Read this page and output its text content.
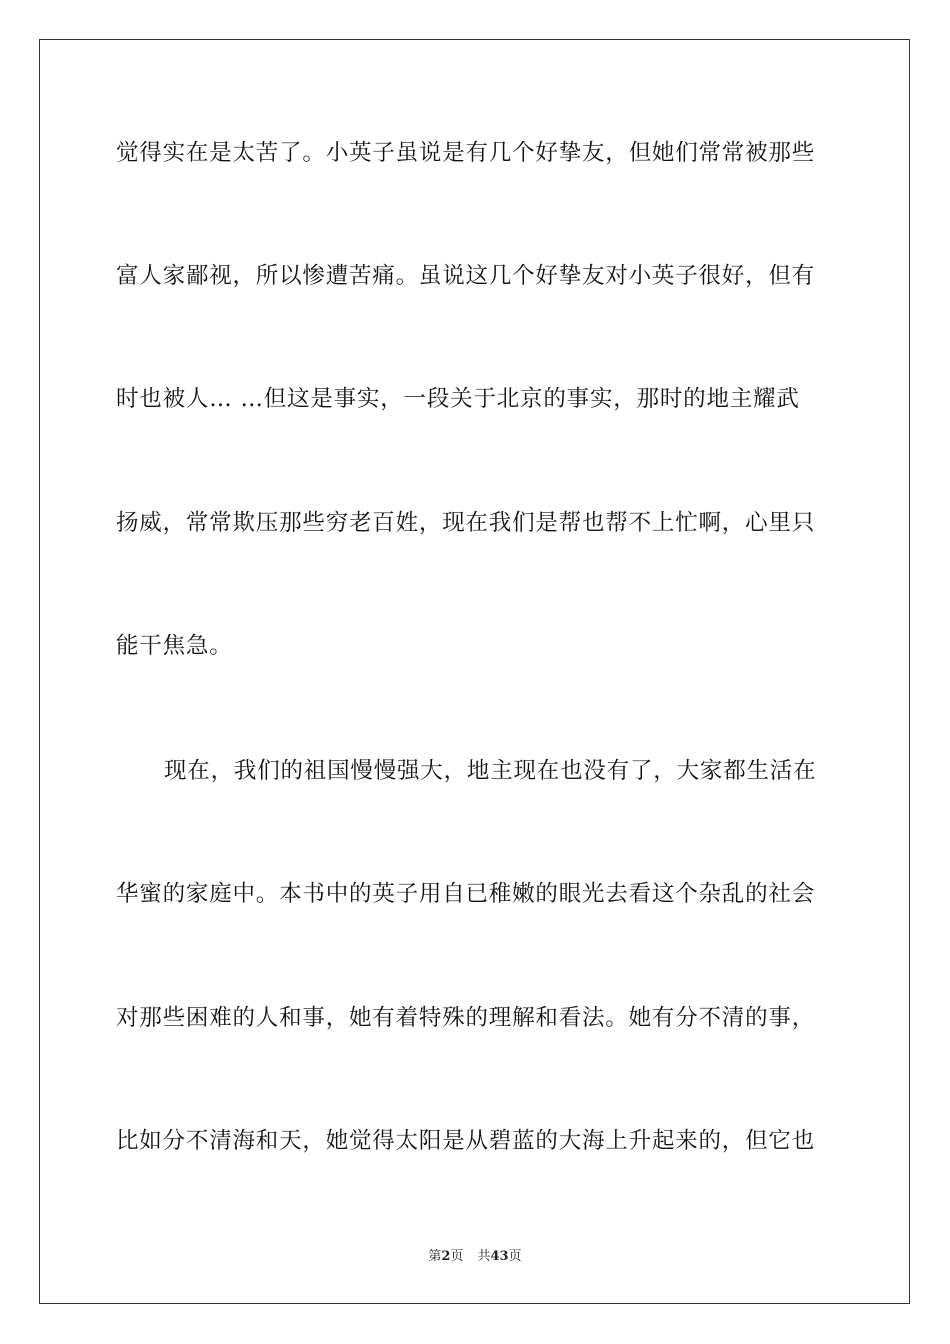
觉得实在是太苦了。小英子虽说是有几个好挚友，但她们常常被那些
富人家鄙视，所以惨遭苦痛。虽说这几个好挚友对小英子很好，但有
时也被人… …但这是事实，一段关于北京的事实，那时的地主耀武
扬威，常常欺压那些穷老百姓，现在我们是帮也帮不上忙啊，心里只
能干焦急。
现在，我们的祖国慢慢强大，地主现在也没有了，大家都生活在
华蜜的家庭中。本书中的英子用自已稚嫩的眼光去看这个杂乱的社会
对那些困难的人和事，她有着特殊的理解和看法。她有分不清的事，
比如分不清海和天，她觉得太阳是从碧蓝的大海上升起来的，但它也
第2页 共43页
